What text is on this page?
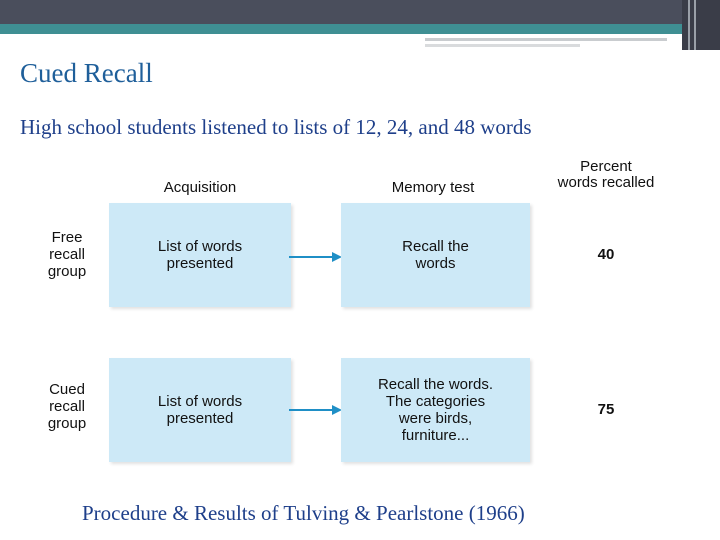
Cued Recall
High school students listened to lists of 12, 24, and 48 words
Acquisition	Memory test
Percent
words recalled
Free
recall
group
List of words
presented
Recall the
words
40
Cued
recall
group
List of words
presented
Recall the words.
The categories
were birds,
furniture...
75
Procedure & Results of Tulving & Pearlstone (1966)
